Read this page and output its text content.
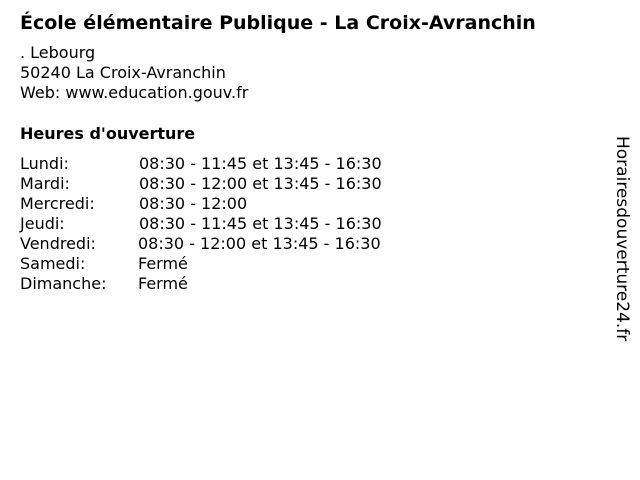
École élémentaire Publique - La Croix-Avranchin
. Lebourg
50240 La Croix-Avranchin
Web: www.education.gouv.fr
Heures d'ouverture
Lundi:	08:30 - 11:45 et 13:45 - 16:30
Mardi:	08:30 - 12:00 et 13:45 - 16:30
Mercredi:	08:30 - 12:00
Jeudi:	08:30 - 11:45 et 13:45 - 16:30
Vendredi:	08:30 - 12:00 et 13:45 - 16:30
Samedi:	Fermé
Dimanche: Fermé	Horairesdouverture24.fr
